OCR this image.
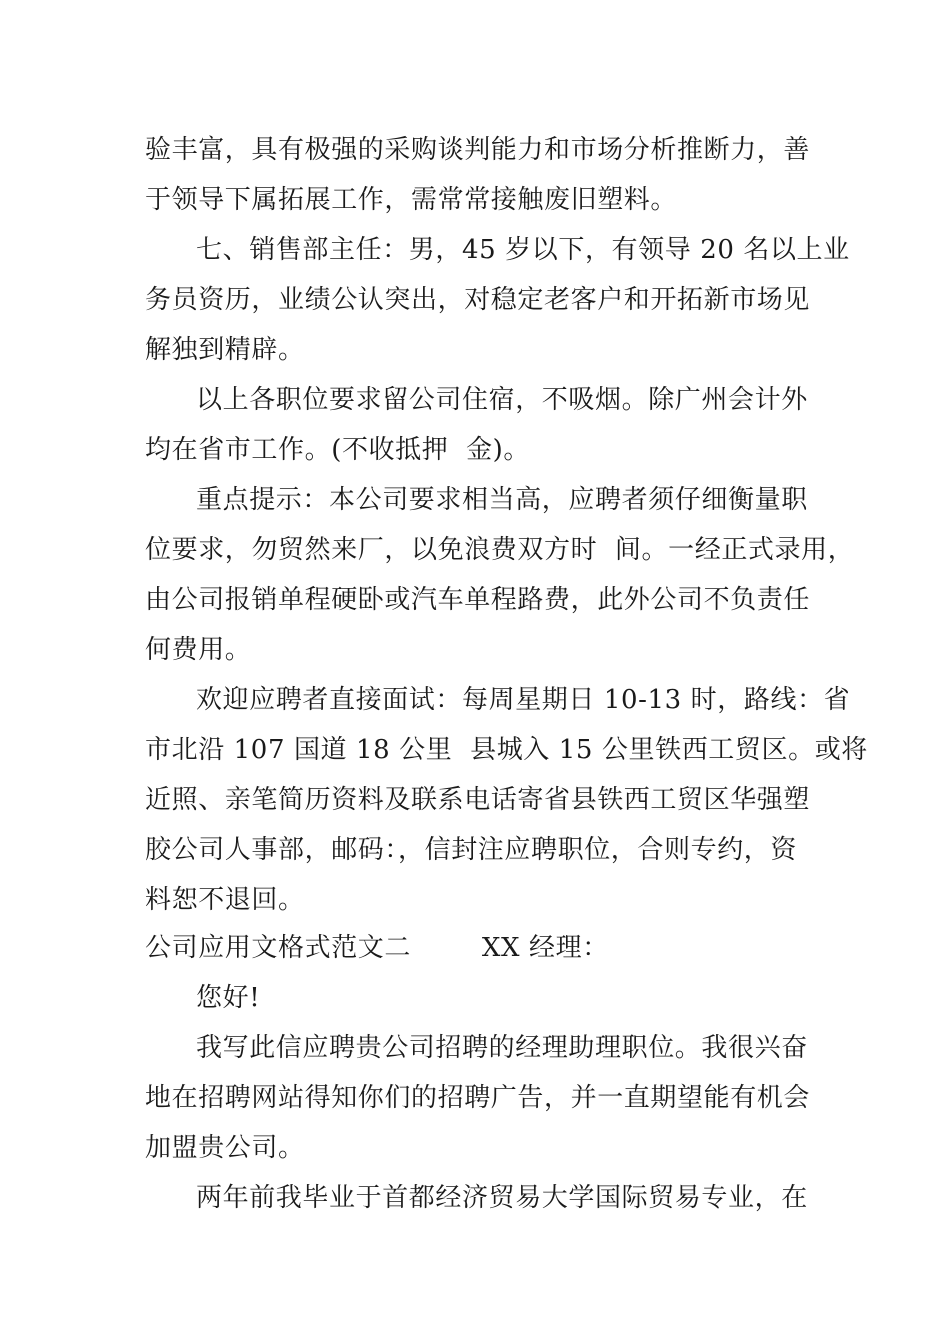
验丰富，具有极强的采购谈判能力和市场分析推断力，善
于领导下属拓展工作，需常常接触废旧塑料。
七、销售部主任：男，45 岁以下，有领导 20 名以上业
务员资历，业绩公认突出，对稳定老客户和开拓新市场见
解独到精辟。
以上各职位要求留公司住宿，不吸烟。除广州会计外
均在省市工作。(不收抵押  金)。
重点提示：本公司要求相当高，应聘者须仔细衡量职
位要求，勿贸然来厂，以免浪费双方时  间。一经正式录用，
由公司报销单程硬卧或汽车单程路费，此外公司不负责任
何费用。
欢迎应聘者直接面试：每周星期日 10-13 时，路线：省
市北沿 107 国道 18 公里  县城入 15 公里铁西工贸区。或将
近照、亲笔简历资料及联系电话寄省县铁西工贸区华强塑
胶公司人事部，邮码：，信封注应聘职位，合则专约，资
料恕不退回。
公司应用文格式范文二        XX 经理：
您好!
我写此信应聘贵公司招聘的经理助理职位。我很兴奋
地在招聘网站得知你们的招聘广告，并一直期望能有机会
加盟贵公司。
两年前我毕业于首都经济贸易大学国际贸易专业，在
